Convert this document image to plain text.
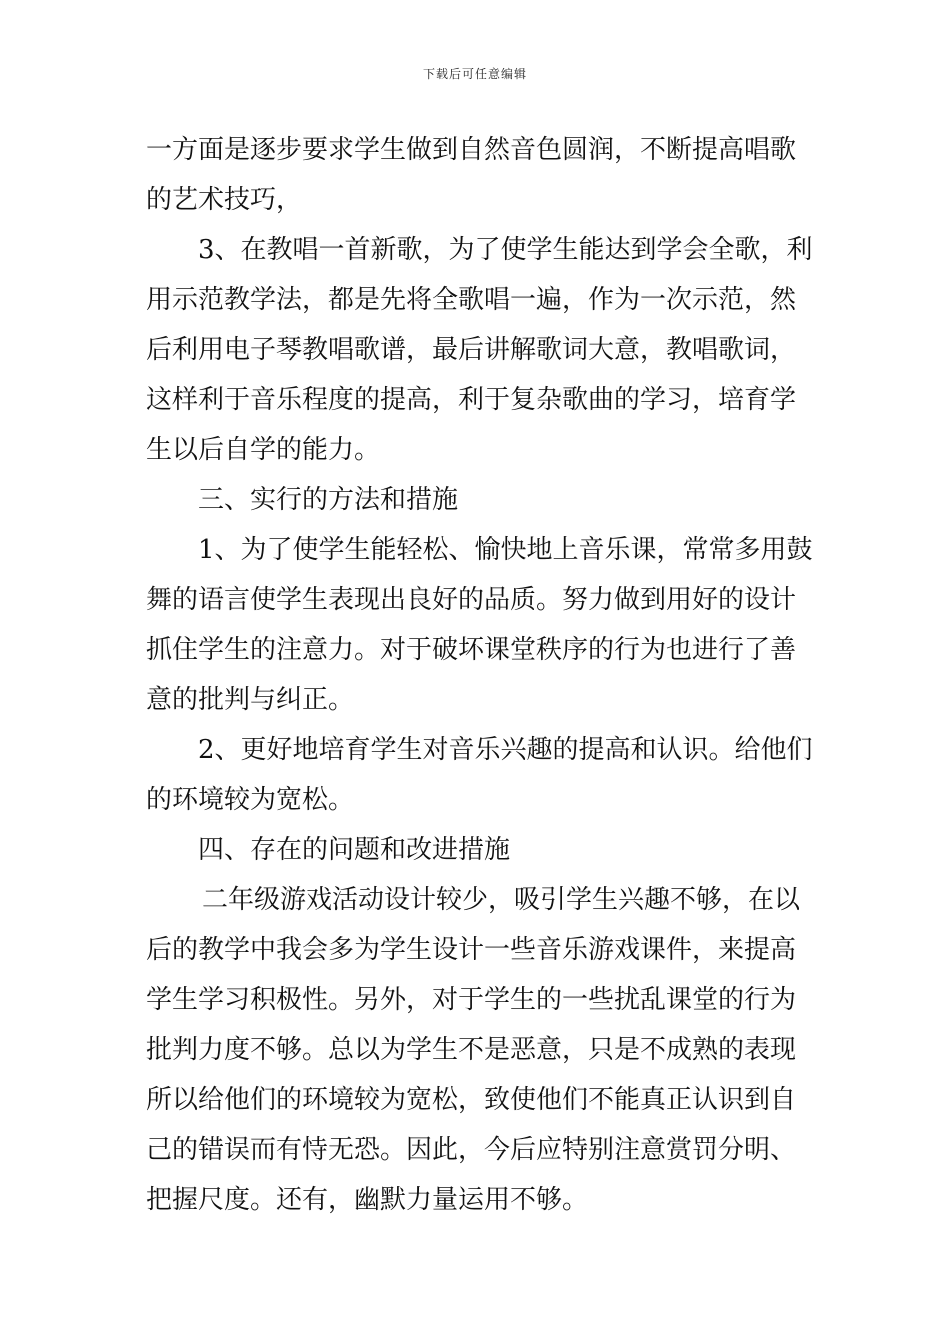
下载后可任意编辑
一方面是逐步要求学生做到自然音色圆润，不断提高唱歌
的艺术技巧，
3、在教唱一首新歌，为了使学生能达到学会全歌，利
用示范教学法，都是先将全歌唱一遍，作为一次示范，然
后利用电子琴教唱歌谱，最后讲解歌词大意，教唱歌词，
这样利于音乐程度的提高，利于复杂歌曲的学习，培育学
生以后自学的能力。
三、实行的方法和措施
1、为了使学生能轻松、愉快地上音乐课，常常多用鼓
舞的语言使学生表现出良好的品质。努力做到用好的设计
抓住学生的注意力。对于破坏课堂秩序的行为也进行了善
意的批判与纠正。
2、更好地培育学生对音乐兴趣的提高和认识。给他们
的环境较为宽松。
四、存在的问题和改进措施
二年级游戏活动设计较少，吸引学生兴趣不够，在以
后的教学中我会多为学生设计一些音乐游戏课件，来提高
学生学习积极性。另外，对于学生的一些扰乱课堂的行为
批判力度不够。总以为学生不是恶意，只是不成熟的表现
所以给他们的环境较为宽松，致使他们不能真正认识到自
己的错误而有恃无恐。因此，今后应特别注意赏罚分明、
把握尺度。还有，幽默力量运用不够。
